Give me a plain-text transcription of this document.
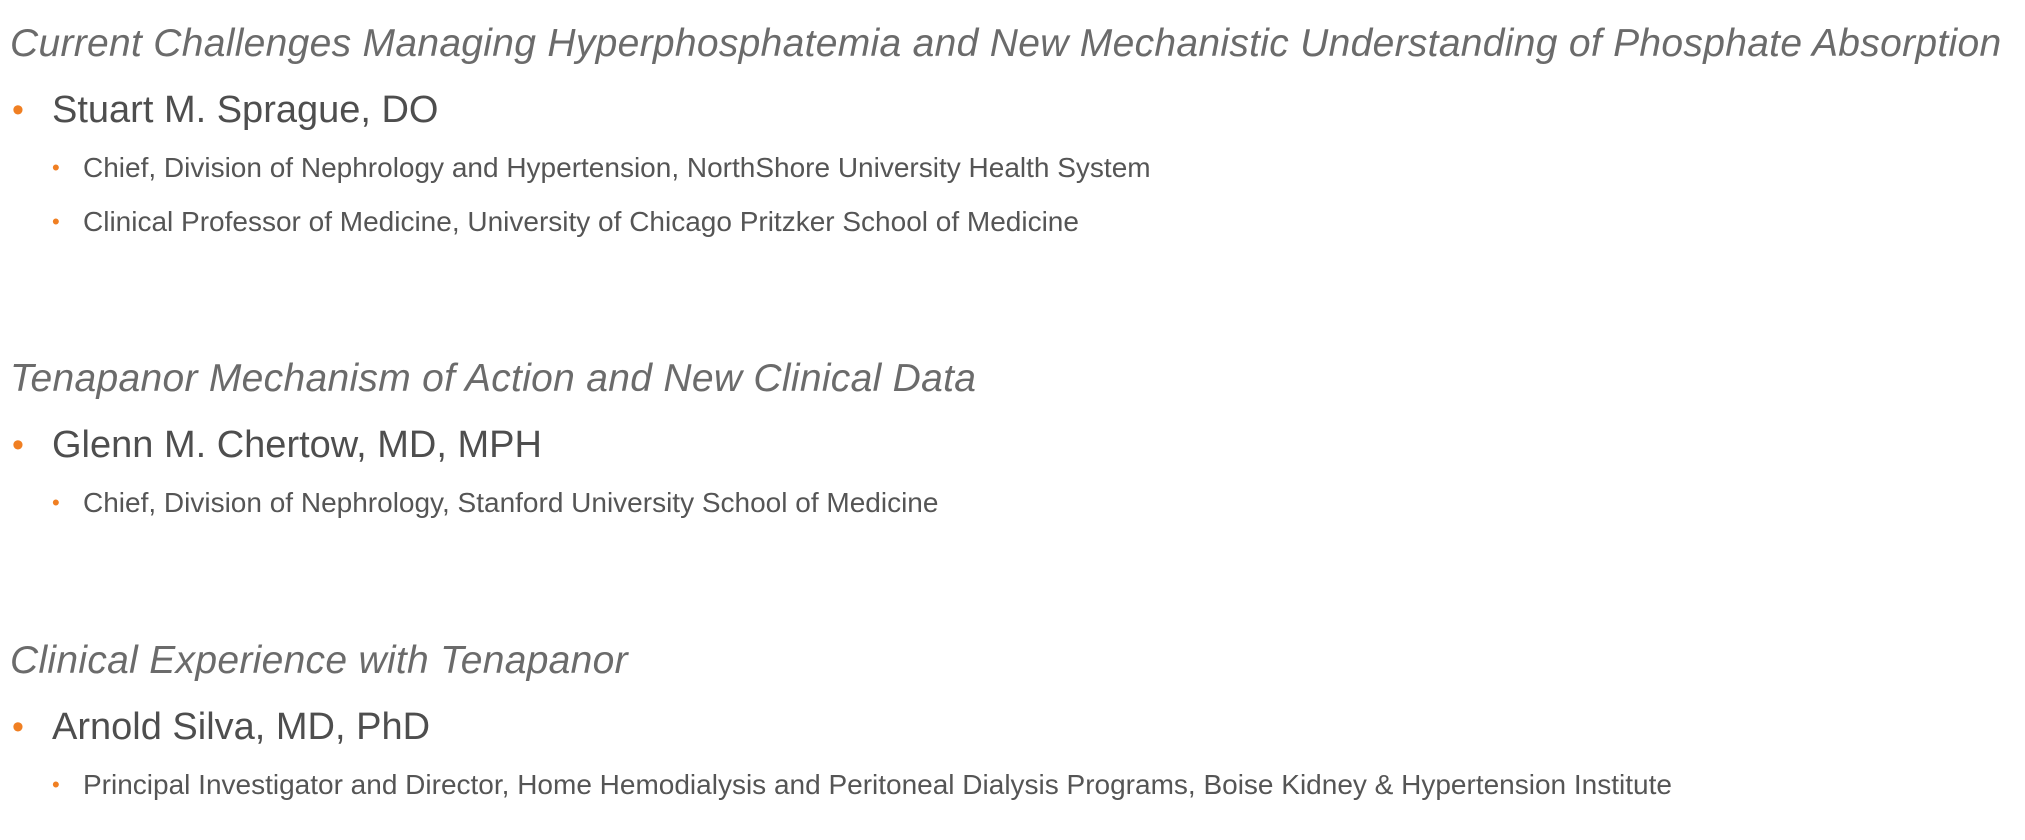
Current Challenges Managing Hyperphosphatemia and New Mechanistic Understanding of Phosphate Absorption
• Stuart M. Sprague, DO
• Chief, Division of Nephrology and Hypertension, NorthShore University Health System
• Clinical Professor of Medicine, University of Chicago Pritzker School of Medicine
Tenapanor Mechanism of Action and New Clinical Data
• Glenn M. Chertow, MD, MPH
• Chief, Division of Nephrology, Stanford University School of Medicine
Clinical Experience with Tenapanor
• Arnold Silva, MD, PhD
• Principal Investigator and Director, Home Hemodialysis and Peritoneal Dialysis Programs, Boise Kidney & Hypertension Institute
